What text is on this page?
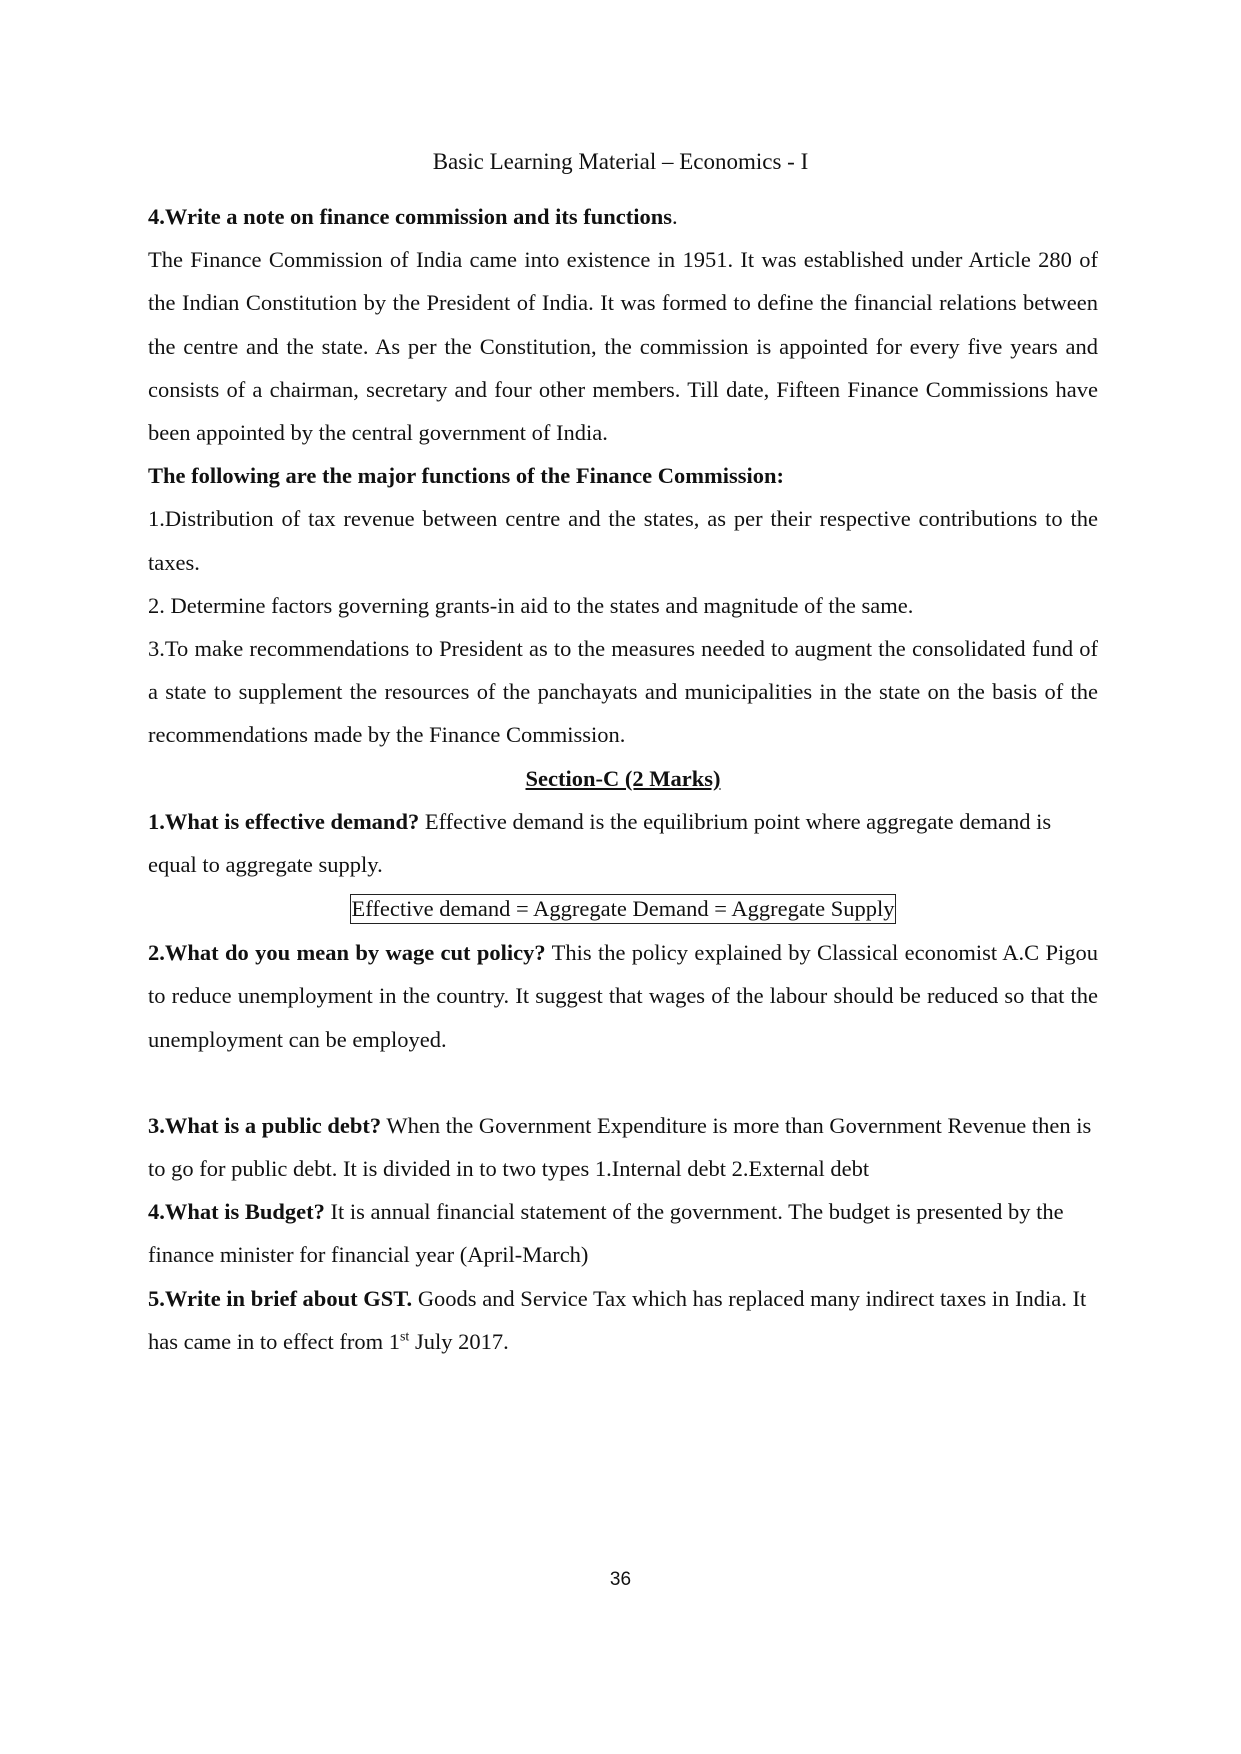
Basic Learning Material – Economics - I

4.Write a note on finance commission and its functions.

The Finance Commission of India came into existence in 1951. It was established under Article 280 of the Indian Constitution by the President of India. It was formed to define the financial relations between the centre and the state. As per the Constitution, the commission is appointed for every five years and consists of a chairman, secretary and four other members. Till date, Fifteen Finance Commissions have been appointed by the central government of India.

The following are the major functions of the Finance Commission:

1.Distribution of tax revenue between centre and the states, as per their respective contributions to the taxes.

2. Determine factors governing grants-in aid to the states and magnitude of the same.

3.To make recommendations to President as to the measures needed to augment the consolidated fund of a state to supplement the resources of the panchayats and municipalities in the state on the basis of the recommendations made by the Finance Commission.

Section-C (2 Marks)

1.What is effective demand? Effective demand is the equilibrium point where aggregate demand is equal to aggregate supply.

Effective demand = Aggregate Demand = Aggregate Supply

2.What do you mean by wage cut policy? This the policy explained by Classical economist A.C Pigou to reduce unemployment in the country. It suggest that wages of the labour should be reduced so that the unemployment can be employed.

3.What is a public debt? When the Government Expenditure is more than Government Revenue then is to go for public debt. It is divided in to two types 1.Internal debt 2.External debt

4.What is Budget? It is annual financial statement of the government. The budget is presented by the finance minister for financial year (April-March)

5.Write in brief about GST. Goods and Service Tax which has replaced many indirect taxes in India. It has came in to effect from 1st July 2017.

36
